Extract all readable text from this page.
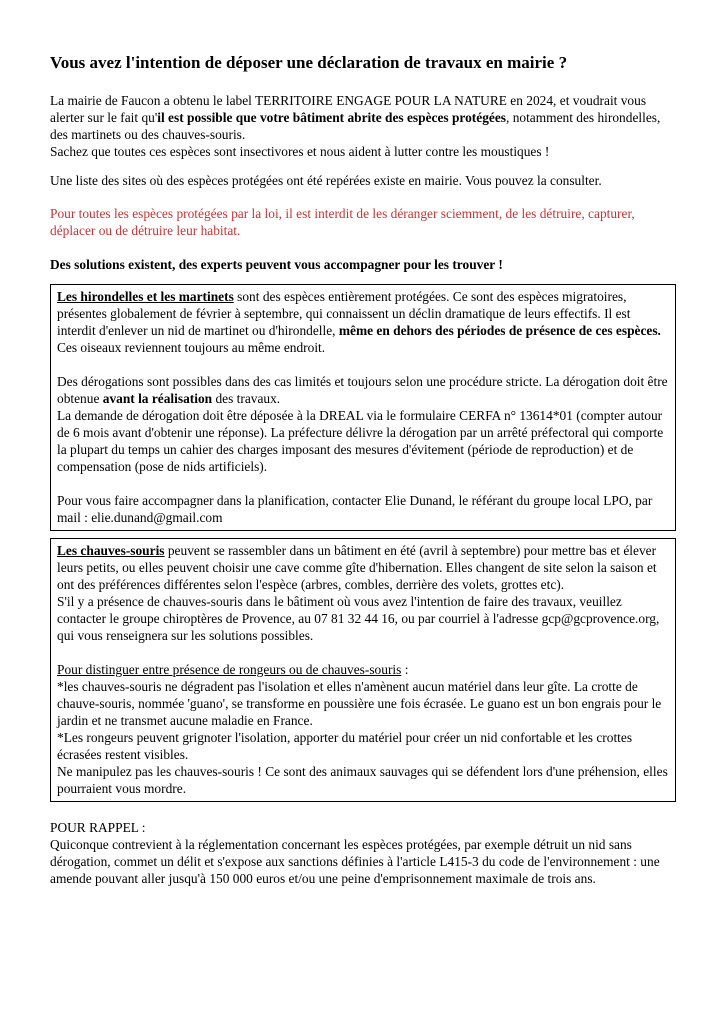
Vous avez l'intention de déposer une déclaration de travaux en mairie ?

La mairie de Faucon a obtenu le label TERRITOIRE ENGAGE POUR LA NATURE en 2024, et voudrait vous alerter sur le fait qu'il est possible que votre bâtiment abrite des espèces protégées, notamment des hirondelles, des martinets ou des chauves-souris.

Sachez que toutes ces espèces sont insectivores et nous aident à lutter contre les moustiques !

Une liste des sites où des espèces protégées ont été repérées existe en mairie. Vous pouvez la consulter.

Pour toutes les espèces protégées par la loi, il est interdit de les déranger sciemment, de les détruire, capturer, déplacer ou de détruire leur habitat.

Des solutions existent, des experts peuvent vous accompagner pour les trouver !

Les hirondelles et les martinets sont des espèces entièrement protégées. Ce sont des espèces migratoires, présentes globalement de février à septembre, qui connaissent un déclin dramatique de leurs effectifs. Il est interdit d'enlever un nid de martinet ou d'hirondelle, même en dehors des périodes de présence de ces espèces. Ces oiseaux reviennent toujours au même endroit.

Des dérogations sont possibles dans des cas limités et toujours selon une procédure stricte. La dérogation doit être obtenue avant la réalisation des travaux.

La demande de dérogation doit être déposée à la DREAL via le formulaire CERFA n° 13614*01 (compter autour de 6 mois avant d'obtenir une réponse). La préfecture délivre la dérogation par un arrêté préfectoral qui comporte la plupart du temps un cahier des charges imposant des mesures d'évitement (période de reproduction) et de compensation (pose de nids artificiels).

Pour vous faire accompagner dans la planification, contacter Elie Dunand, le référant du groupe local LPO, par mail : elie.dunand@gmail.com

Les chauves-souris peuvent se rassembler dans un bâtiment en été (avril à septembre) pour mettre bas et élever leurs petits, ou elles peuvent choisir une cave comme gîte d'hibernation. Elles changent de site selon la saison et ont des préférences différentes selon l'espèce (arbres, combles, derrière des volets, grottes etc).

S'il y a présence de chauves-souris dans le bâtiment où vous avez l'intention de faire des travaux, veuillez contacter le groupe chiroptères de Provence, au 07 81 32 44 16, ou par courriel à l'adresse gcp@gcprovence.org, qui vous renseignera sur les solutions possibles.

Pour distinguer entre présence de rongeurs ou de chauves-souris :

*les chauves-souris ne dégradent pas l'isolation et elles n'amènent aucun matériel dans leur gîte. La crotte de chauve-souris, nommée 'guano', se transforme en poussière une fois écrasée. Le guano est un bon engrais pour le jardin et ne transmet aucune maladie en France.

*Les rongeurs peuvent grignoter l'isolation, apporter du matériel pour créer un nid confortable et les crottes écrasées restent visibles.

Ne manipulez pas les chauves-souris ! Ce sont des animaux sauvages qui se défendent lors d'une préhension, elles pourraient vous mordre.

POUR RAPPEL :

Quiconque contrevient à la réglementation concernant les espèces protégées, par exemple détruit un nid sans dérogation, commet un délit et s'expose aux sanctions définies à l'article L415-3 du code de l'environnement : une amende pouvant aller jusqu'à 150 000 euros et/ou une peine d'emprisonnement maximale de trois ans.
